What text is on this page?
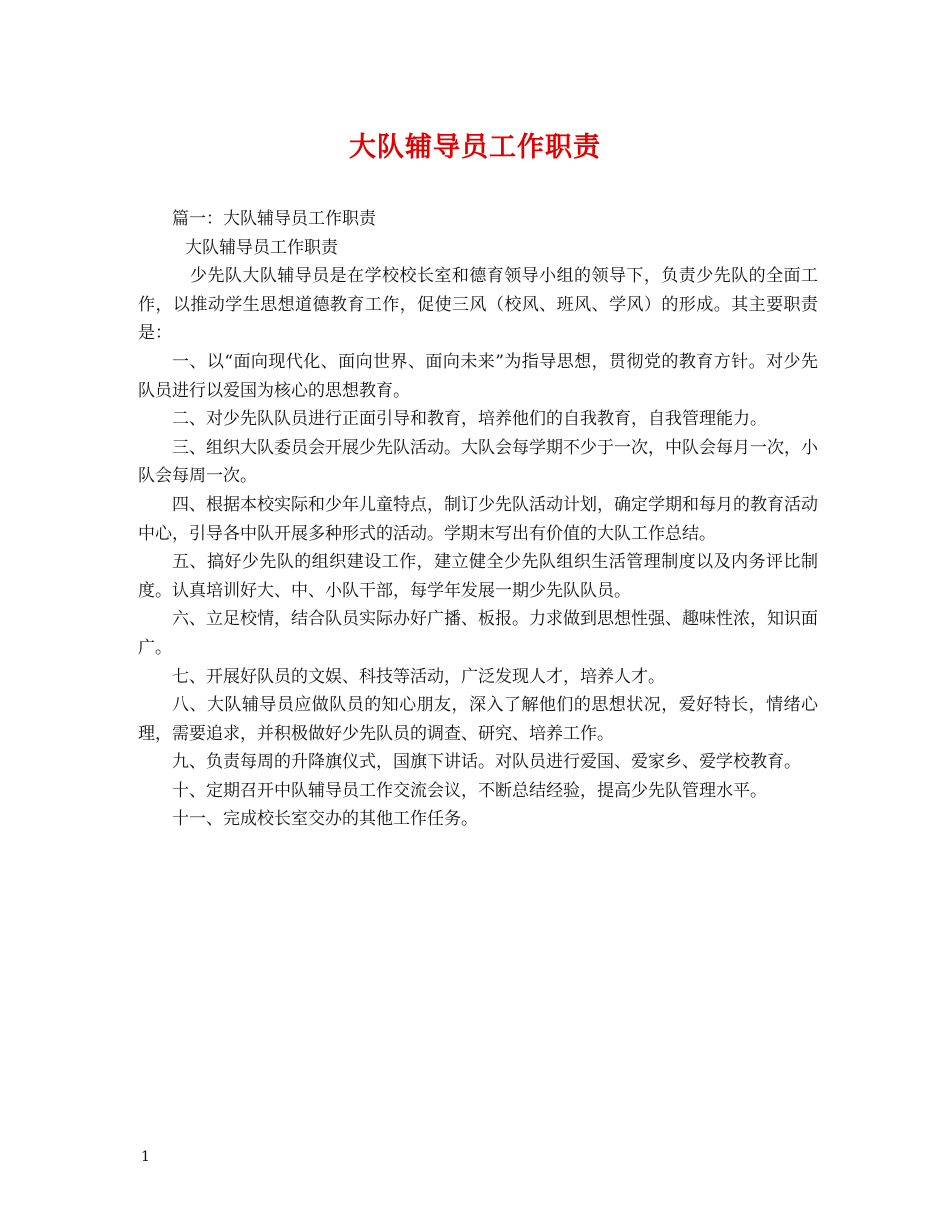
大队辅导员工作职责

篇一：大队辅导员工作职责

大队辅导员工作职责

少先队大队辅导员是在学校校长室和德育领导小组的领导下，负责少先队的全面工作，以推动学生思想道德教育工作，促使三风（校风、班风、学风）的形成。其主要职责是：

一、以“面向现代化、面向世界、面向未来”为指导思想，贯彻党的教育方针。对少先队员进行以爱国为核心的思想教育。

二、对少先队队员进行正面引导和教育，培养他们的自我教育，自我管理能力。

三、组织大队委员会开展少先队活动。大队会每学期不少于一次，中队会每月一次，小队会每周一次。

四、根据本校实际和少年儿童特点，制订少先队活动计划，确定学期和每月的教育活动中心，引导各中队开展多种形式的活动。学期末写出有价值的大队工作总结。

五、搞好少先队的组织建设工作，建立健全少先队组织生活管理制度以及内务评比制度。认真培训好大、中、小队干部，每学年发展一期少先队队员。

六、立足校情，结合队员实际办好广播、板报。力求做到思想性强、趣味性浓，知识面广。

七、开展好队员的文娱、科技等活动，广泛发现人才，培养人才。

八、大队辅导员应做队员的知心朋友，深入了解他们的思想状况，爱好特长，情绪心理，需要追求，并积极做好少先队员的调查、研究、培养工作。

九、负责每周的升降旗仪式，国旗下讲话。对队员进行爱国、爱家乡、爱学校教育。

十、定期召开中队辅导员工作交流会议，不断总结经验，提高少先队管理水平。

十一、完成校长室交办的其他工作任务。

1
